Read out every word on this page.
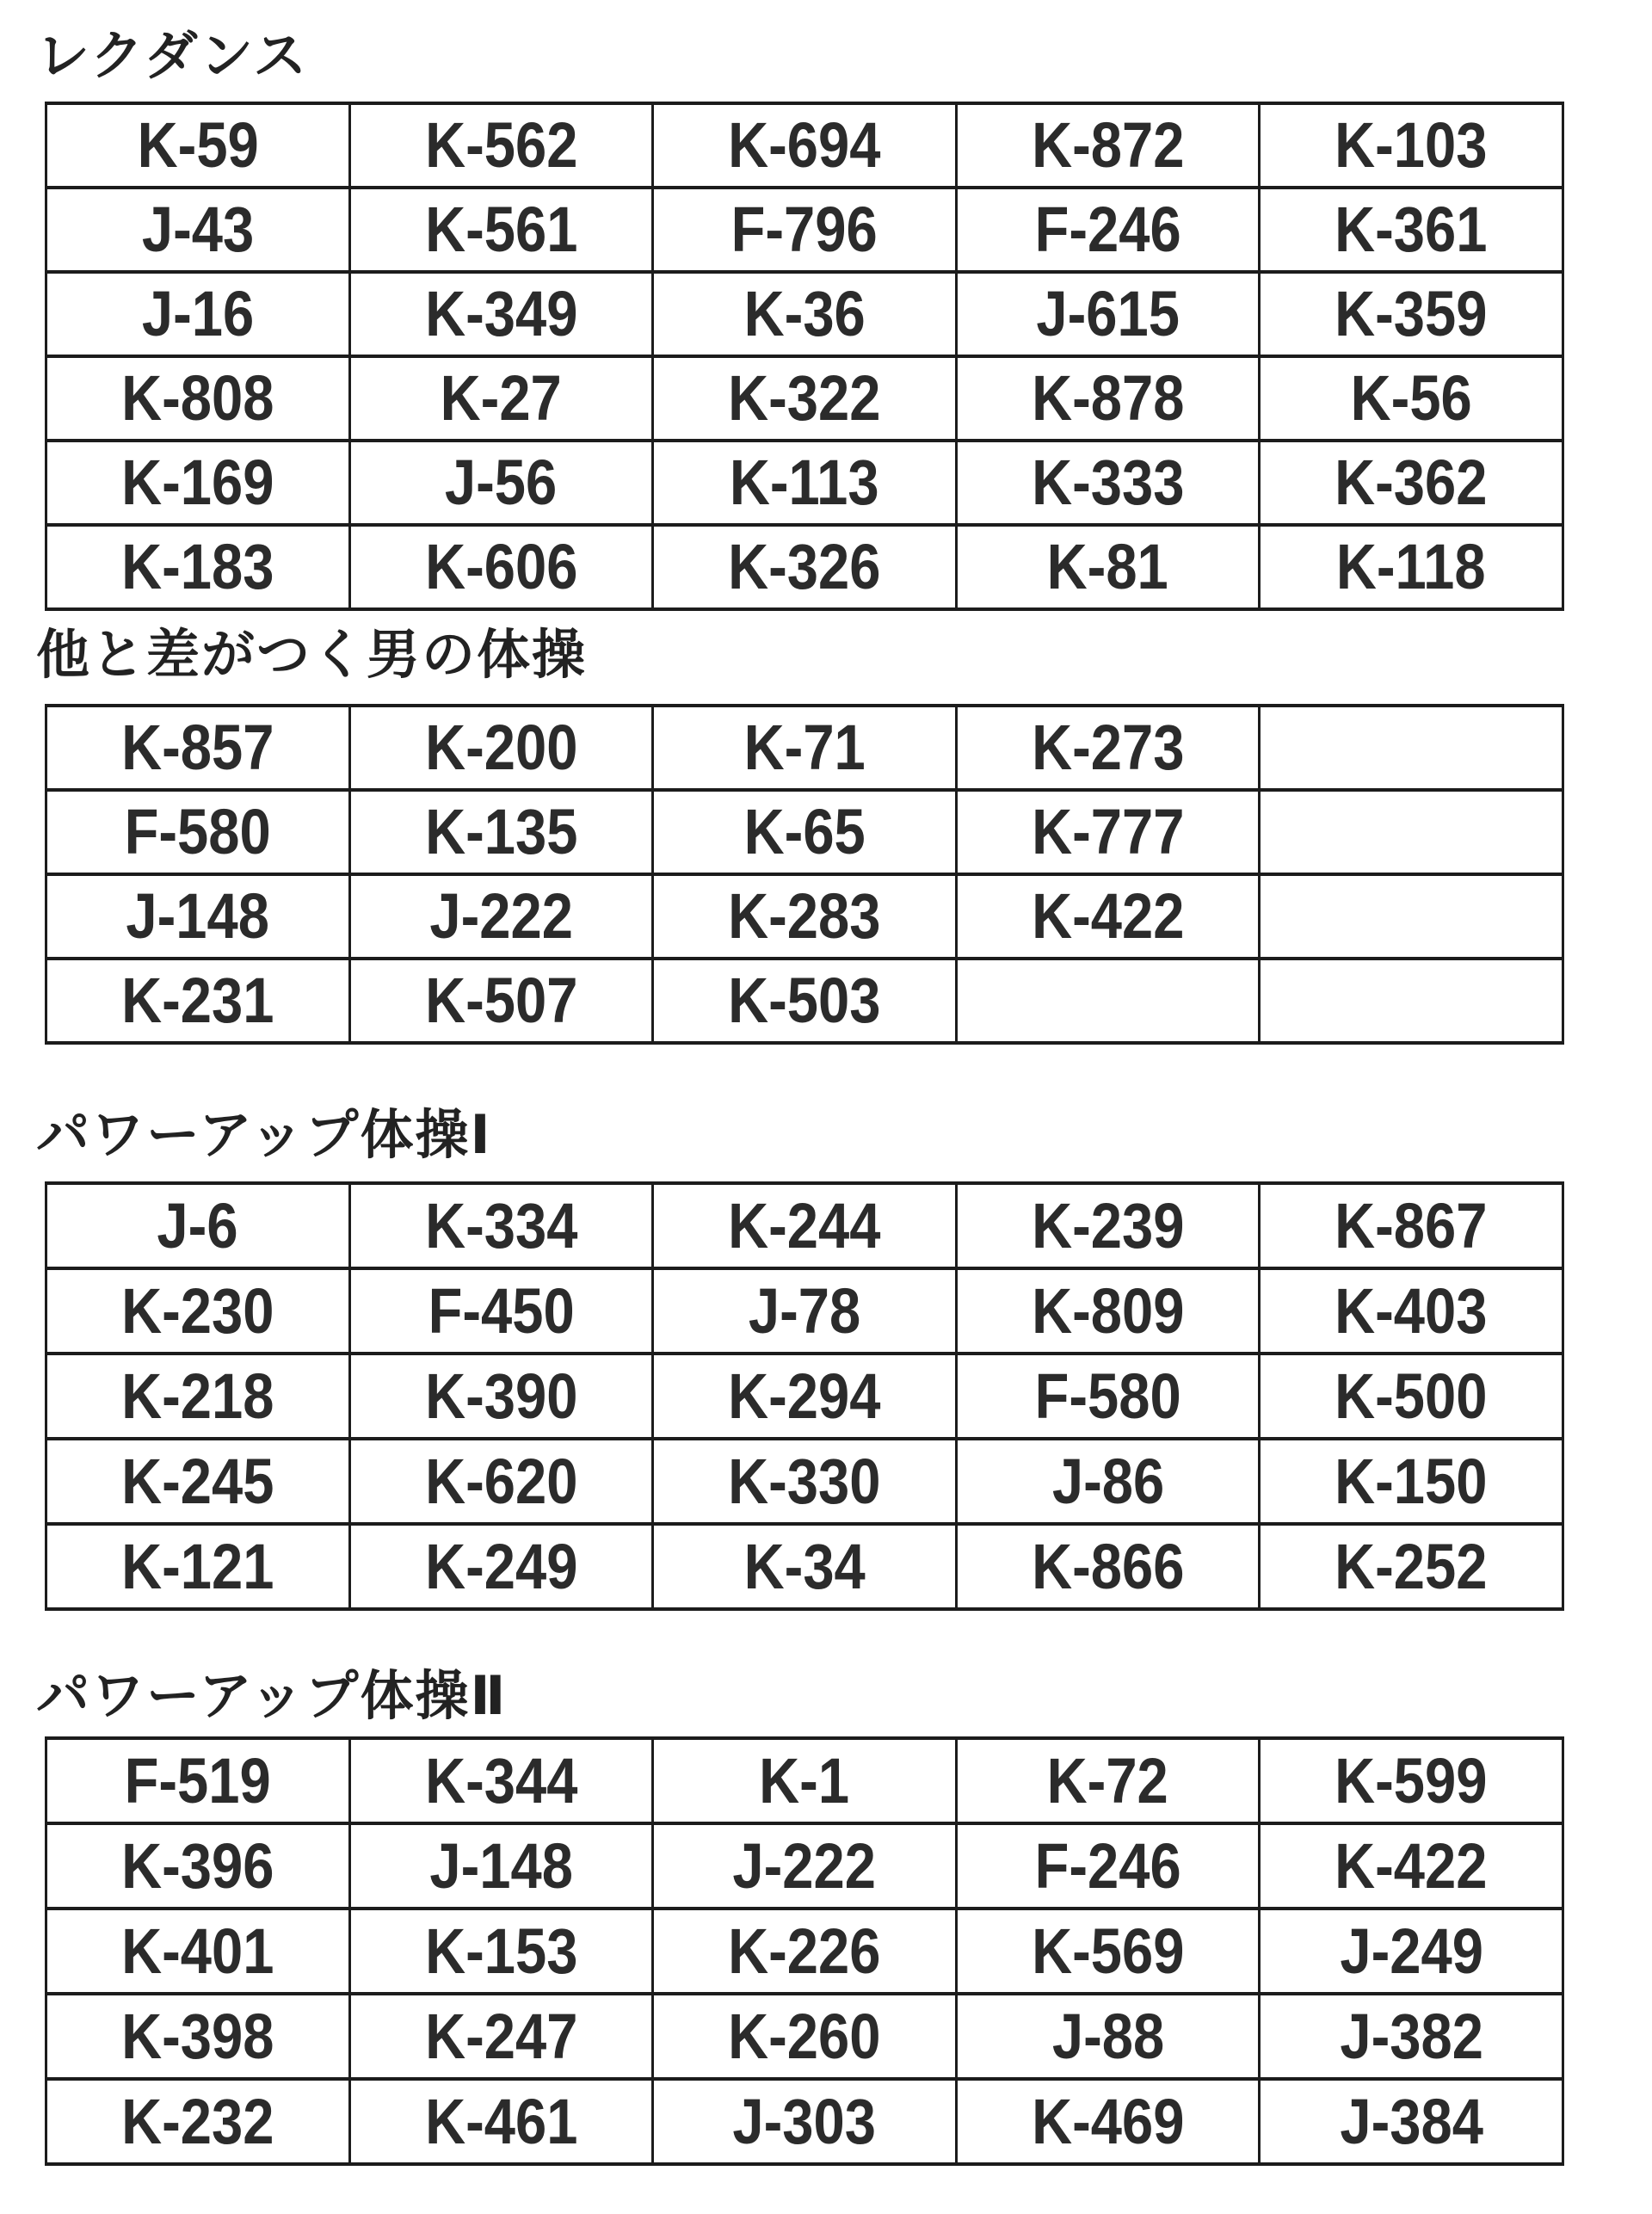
レクダンス
K-59	K-562	K-694	K-872	K-103
J-43	K-561	F-796	F-246	K-361
J-16	K-349	K-36	J-615	K-359
K-808	K-27	K-322	K-878	K-56
K-169	J-56	K-113	K-333	K-362
K-183	K-606	K-326	K-81	K-118
他と差がつく男の体操
K-857	K-200	K-71	K-273	
F-580	K-135	K-65	K-777	
J-148	J-222	K-283	K-422	
K-231	K-507	K-503		
パワーアップ体操Ⅰ
J-6	K-334	K-244	K-239	K-867
K-230	F-450	J-78	K-809	K-403
K-218	K-390	K-294	F-580	K-500
K-245	K-620	K-330	J-86	K-150
K-121	K-249	K-34	K-866	K-252
パワーアップ体操Ⅱ
F-519	K-344	K-1	K-72	K-599
K-396	J-148	J-222	F-246	K-422
K-401	K-153	K-226	K-569	J-249
K-398	K-247	K-260	J-88	J-382
K-232	K-461	J-303	K-469	J-384
